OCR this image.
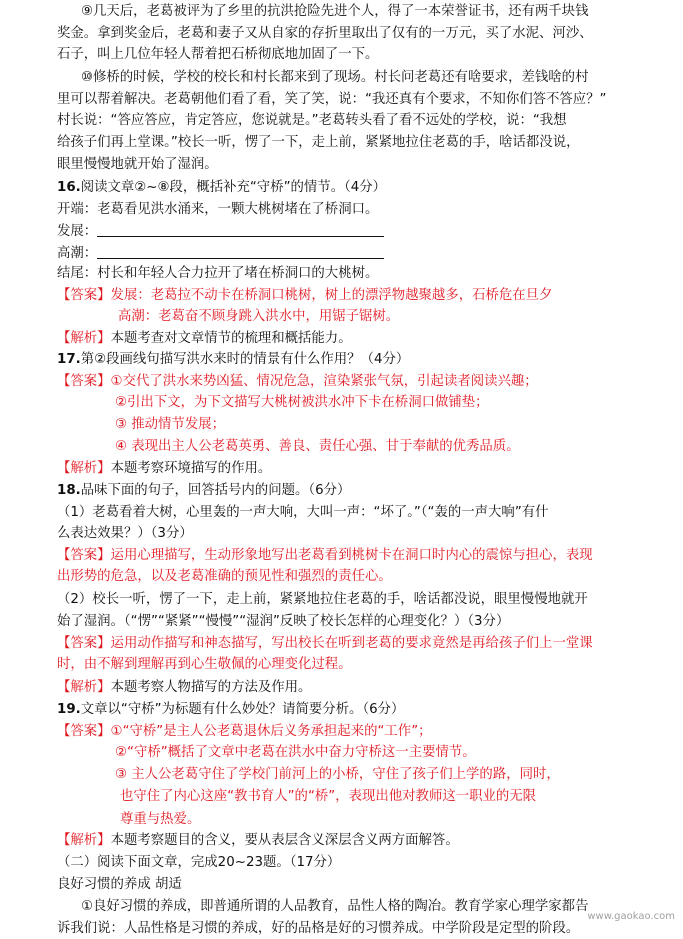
⑨几天后，老葛被评为了乡里的抗洪抢险先进个人，得了一本荣誉证书，还有两千块钱
奖金。拿到奖金后，老葛和妻子又从自家的存折里取出了仅有的一万元，买了水泥、河沙、
石子，叫上几位年轻人帮着把石桥彻底地加固了一下。
⑩修桥的时候，学校的校长和村长都来到了现场。村长问老葛还有啥要求，差钱啥的村
里可以帮着解决。老葛朝他们看了看，笑了笑，说：“我还真有个要求，不知你们答不答应？”
村长说：“答应答应，肯定答应，您说就是。”老葛转头看了看不远处的学校，说：“我想
给孩子们再上堂课。”校长一听，愣了一下，走上前，紧紧地拉住老葛的手，啥话都没说，
眼里慢慢地就开始了湿润。
16.阅读文章②~⑧段，概括补充“守桥”的情节。（4分）
开端：老葛看见洪水涌来，一颗大桃树堵在了桥洞口。
发展：
高潮：
结尾：村长和年轻人合力拉开了堵在桥洞口的大桃树。
【答案】发展：老葛拉不动卡在桥洞口桃树，树上的漂浮物越聚越多，石桥危在旦夕
高潮：老葛奋不顾身跳入洪水中，用锯子锯树。
【解析】本题考查对文章情节的梳理和概括能力。
17.第②段画线句描写洪水来时的情景有什么作用？（4分）
【答案】①交代了洪水来势凶猛、情况危急，渲染紧张气氛，引起读者阅读兴趣；
②引出下文，为下文描写大桃树被洪水冲下卡在桥洞口做铺垫；
③ 推动情节发展；
④ 表现出主人公老葛英勇、善良、责任心强、甘于奉献的优秀品质。
【解析】本题考察环境描写的作用。
18.品味下面的句子，回答括号内的问题。（6分）
（1）老葛看着大树，心里轰的一声大响，大叫一声：“坏了。”（“轰的一声大响”有什
么表达效果？）（3分）
【答案】运用心理描写，生动形象地写出老葛看到桃树卡在洞口时内心的震惊与担心，表现
出形势的危急，以及老葛准确的预见性和强烈的责任心。
（2）校长一听，愣了一下，走上前，紧紧地拉住老葛的手，啥话都没说，眼里慢慢地就开
始了湿润。（“愣”“紧紧”“慢慢”“湿润”反映了校长怎样的心理变化？）（3分）
【答案】运用动作描写和神态描写，写出校长在听到老葛的要求竟然是再给孩子们上一堂课
时，由不解到理解再到心生敬佩的心理变化过程。
【解析】本题考察人物描写的方法及作用。
19.文章以“守桥”为标题有什么妙处？请简要分析。（6分）
【答案】①“守桥”是主人公老葛退休后义务承担起来的“工作”；
②“守桥”概括了文章中老葛在洪水中奋力守桥这一主要情节。
③ 主人公老葛守住了学校门前河上的小桥，守住了孩子们上学的路，同时，
也守住了内心这座“教书育人”的“桥”，表现出他对教师这一职业的无限
尊重与热爱。
【解析】本题考察题目的含义，要从表层含义深层含义两方面解答。
（二）阅读下面文章，完成20~23题。（17分）
良好习惯的养成 胡适
①良好习惯的养成，即普通所谓的人品教育，品性人格的陶冶。教育学家心理学家都告
诉我们说：人品性格是习惯的养成，好的品格是好的习惯养成。中学阶段是定型的阶段。
www.gaokao.com
